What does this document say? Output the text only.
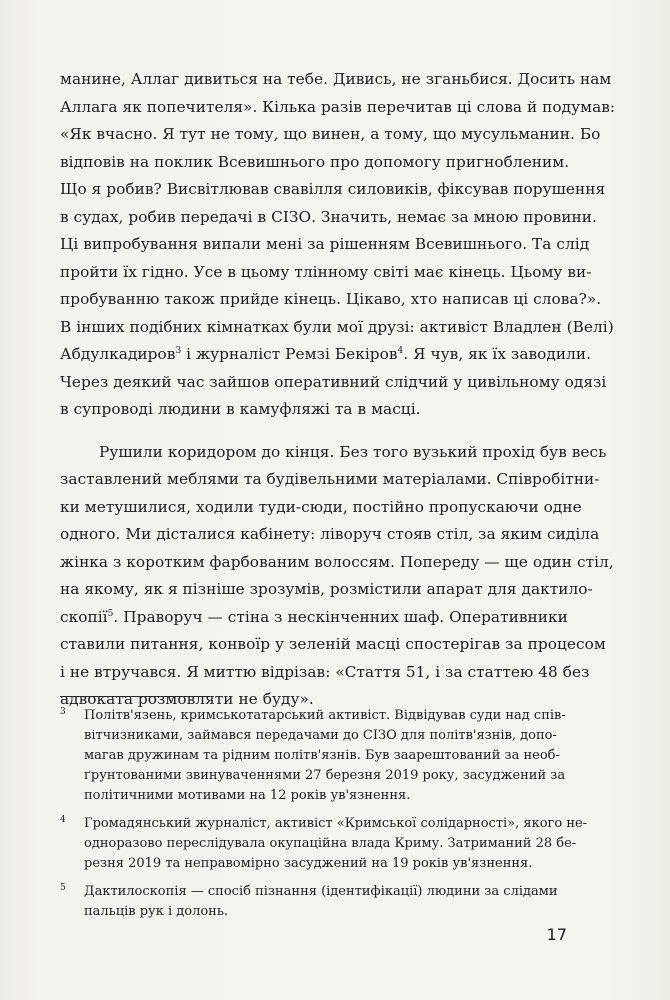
манине, Аллаг дивиться на тебе. Дивись, не зганьбися. Досить нам
Аллага як попечителя». Кілька разів перечитав ці слова й подумав:
«Як вчасно. Я тут не тому, що винен, а тому, що мусульманин. Бо
відповів на поклик Всевишнього про допомогу пригнобленим.
Що я робив? Висвітлював свавілля силовиків, фіксував порушення
в судах, робив передачі в СІЗО. Значить, немає за мною провини.
Ці випробування випали мені за рішенням Всевишнього. Та слід
пройти їх гідно. Усе в цьому тлінному світі має кінець. Цьому ви-
пробуванню також прийде кінець. Цікаво, хто написав ці слова?».
В інших подібних кімнатках були мої друзі: активіст Владлен (Велі)
Абдулкадиров$^3$ і журналіст Ремзі Бекіров$^4$. Я чув, як їх заводили.
Через деякий час зайшов оперативний слідчий у цивільному одязі
в супроводі людини в камуфляжі та в масці.
Рушили коридором до кінця. Без того вузький прохід був весь
заставлений меблями та будівельними матеріалами. Співробітни-
ки метушилися, ходили туди-сюди, постійно пропускаючи одне
одного. Ми дісталися кабінету: ліворуч стояв стіл, за яким сиділа
жінка з коротким фарбованим волоссям. Попереду — ще один стіл,
на якому, як я пізніше зрозумів, розмістили апарат для дактило-
скопії$^5$. Праворуч — стіна з нескінченних шаф. Оперативники
ставили питання, конвоїр у зеленій масці спостерігав за процесом
і не втручався. Я миттю відрізав: «Стаття 51, і за статтею 48 без
адвоката розмовляти не буду».
3 Політв'язень, кримськотатарський активіст. Відвідував суди над спів-
вітчизниками, займався передачами до СІЗО для політв'язнів, допо-
магав дружинам та рідним політв'язнів. Був заарештований за необ-
ґрунтованими звинуваченнями 27 березня 2019 року, засуджений за
політичними мотивами на 12 років ув'язнення.
4 Громадянський журналіст, активіст «Кримської солідарності», якого не-
одноразово переслідувала окупаційна влада Криму. Затриманий 28 бе-
резня 2019 та неправомірно засуджений на 19 років ув'язнення.
5 Дактилоскопія — спосіб пізнання (ідентифікації) людини за слідами
пальців рук і долонь.
17
